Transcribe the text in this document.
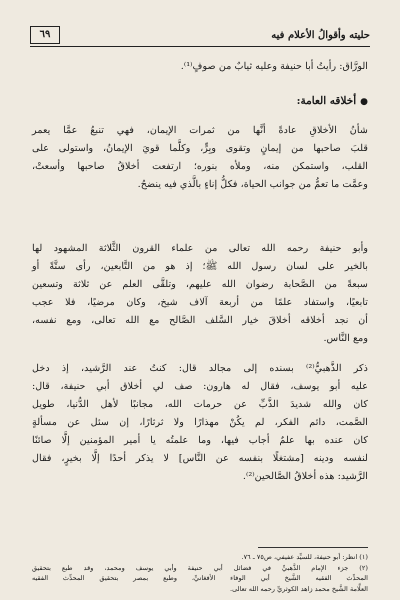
حليته وأقوالُ الأعلام فيه
٦٩
الورَّاق: رأيتُ أبا حنيفة وعليه ثيابٌ من صوفٍ⁽¹⁾.
●أخلاقه العامة:
شأنُ الأخلاقِ عادةً أنَّها من ثمرات الإيمان، فهي تنبعُ عمَّا يعمر
قلبَ صاحبها من إيمانٍ وتقوى وبِرٍّ، وكلَّما قويَ الإيمانُ، واستولى على
القلب، واستمكن منه، وملأه بنوره؛ ارتفعت أخلاقُ صاحبها وأسعتْ،
وعمَّت ما تعمُّ من جوانب الحياة، فكلُّ إناءٍ بالَّذي فيه ينضحُ.
وأبو حنيفة رحمه الله تعالى من علماء القرون الثَّلاثة المشهود لها
بالخير على لسان رسول الله ﷺ؛ إذ هو من التَّابعين، رأى ستَّةً أو
سبعةً من الصَّحابة رضوان الله عليهم، وتلقَّى العلم عن ثلاثة وتسعين
تابعيًا، واستفاد علمًا من أربعة آلاف شيخ، وكان مرضيًا، فلا عجب
أن نجد أخلاقه أخلاقَ خيار السَّلف الصَّالح مع الله تعالى، ومع نفسه،
ومع النَّاس.
ذكر الذَّهبيُّ⁽²⁾ بسنده إلى مجالد قال: كنتُ عند الرَّشيد، إذ دخل
عليه أبو يوسف، فقال له هارون: صف لي أخلاق أبي حنيفة، قال:
كان والله شديدَ الذَّبِّ عن حرمات الله، مجانبًا لأهل الدُّنيا، طويل
الصَّمت، دائم الفكر، لم يكُنْ مهذارًا ولا ثرثارًا، إن سئل عن مسألةٍ
كان عنده بها علمٌ أجاب فيها، وما علمتُه يا أمير المؤمنين إلَّا صائنًا
لنفسه ودينه [مشتغلًا بنفسه عن النَّاس] لا يذكر أحدًا إلَّا بخيرٍ، فقال
الرَّشيد: هذه أخلاقُ الصَّالحين⁽²⁾.
(١) انظر: أبو حنيفة، للسيِّد عفيفي، ص٧٥ ـ ٧٦.
(٢) جزء الإمام الذَّهبيِّ في فضائل أبي حنيفة وأبي يوسف ومحمد، وقد طبع بتحقيق
المحدِّث الفقيه الشَّيخ أبي الوفاء الأفغانيِّ، وطبع بمصر بتحقيق المحدِّث الفقيه
العلَّامة الشَّيخ محمد زاهد الكوثريِّ رحمه الله تعالى.
